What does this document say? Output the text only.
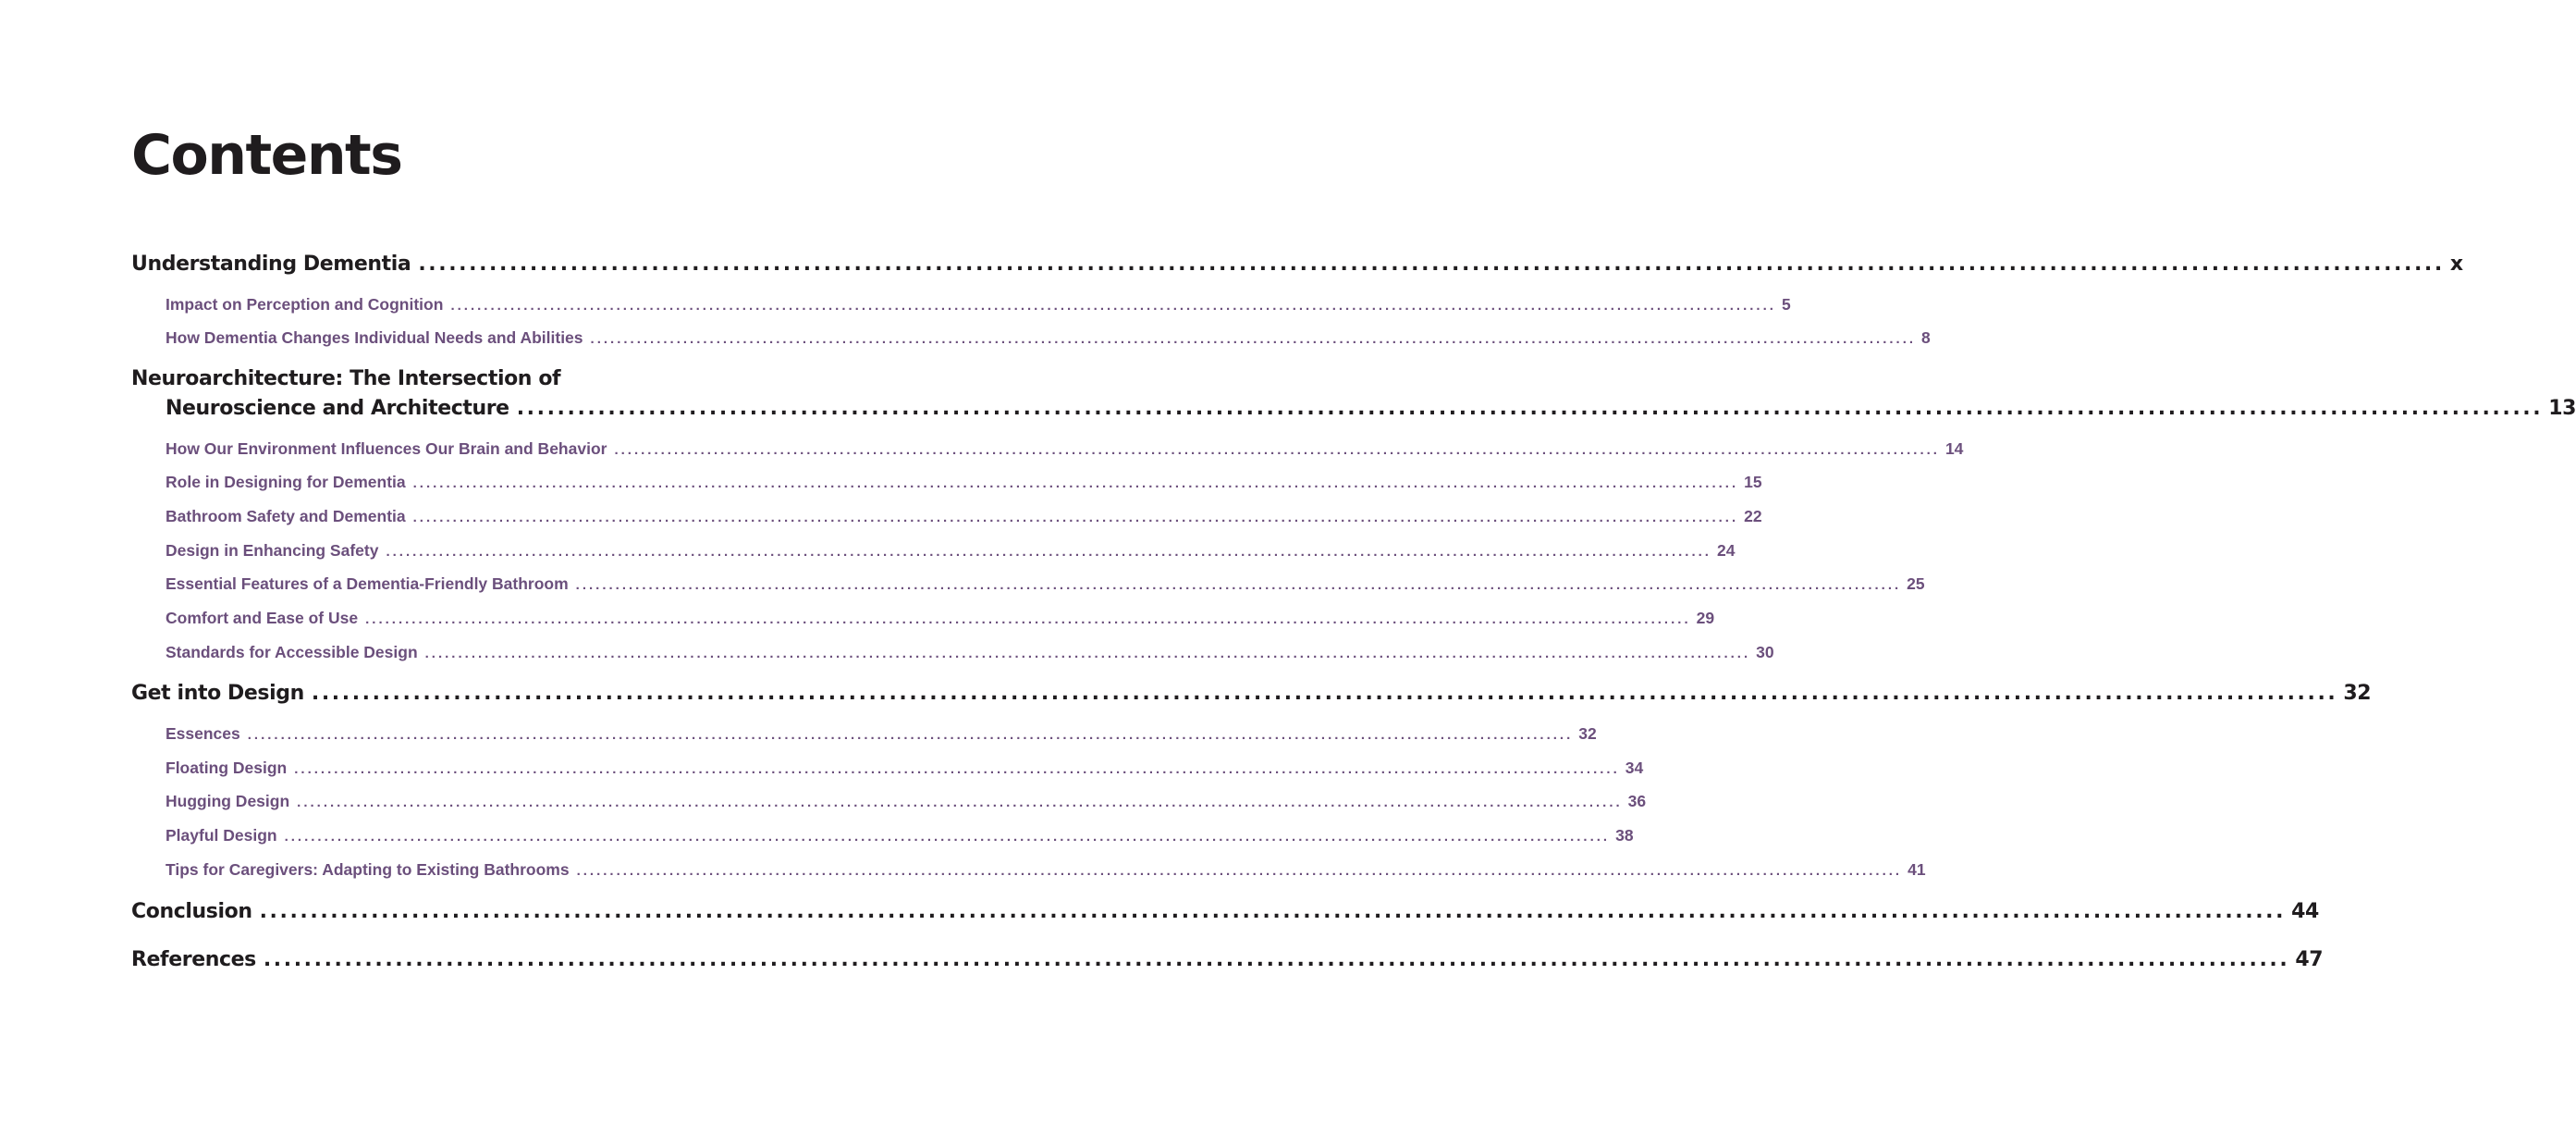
Contents
Understanding Dementia ........................................................................................................................................................................................................ x
Impact on Perception and Cognition ........................................................................................................................................................................................................ 5
How Dementia Changes Individual Needs and Abilities ........................................................................................................................................................................................................ 8
Neuroarchitecture: The Intersection of
Neuroscience and Architecture ........................................................................................................................................................................................................ 13
How Our Environment Influences Our Brain and Behavior ........................................................................................................................................................................................................ 14
Role in Designing for Dementia ........................................................................................................................................................................................................ 15
Bathroom Safety and Dementia ........................................................................................................................................................................................................ 22
Design in Enhancing Safety ........................................................................................................................................................................................................ 24
Essential Features of a Dementia-Friendly Bathroom ........................................................................................................................................................................................................ 25
Comfort and Ease of Use ........................................................................................................................................................................................................ 29
Standards for Accessible Design ........................................................................................................................................................................................................ 30
Get into Design ........................................................................................................................................................................................................ 32
Essences ........................................................................................................................................................................................................ 32
Floating Design ........................................................................................................................................................................................................ 34
Hugging Design ........................................................................................................................................................................................................ 36
Playful Design ........................................................................................................................................................................................................ 38
Tips for Caregivers: Adapting to Existing Bathrooms ........................................................................................................................................................................................................ 41
Conclusion ........................................................................................................................................................................................................ 44
References ........................................................................................................................................................................................................ 47
